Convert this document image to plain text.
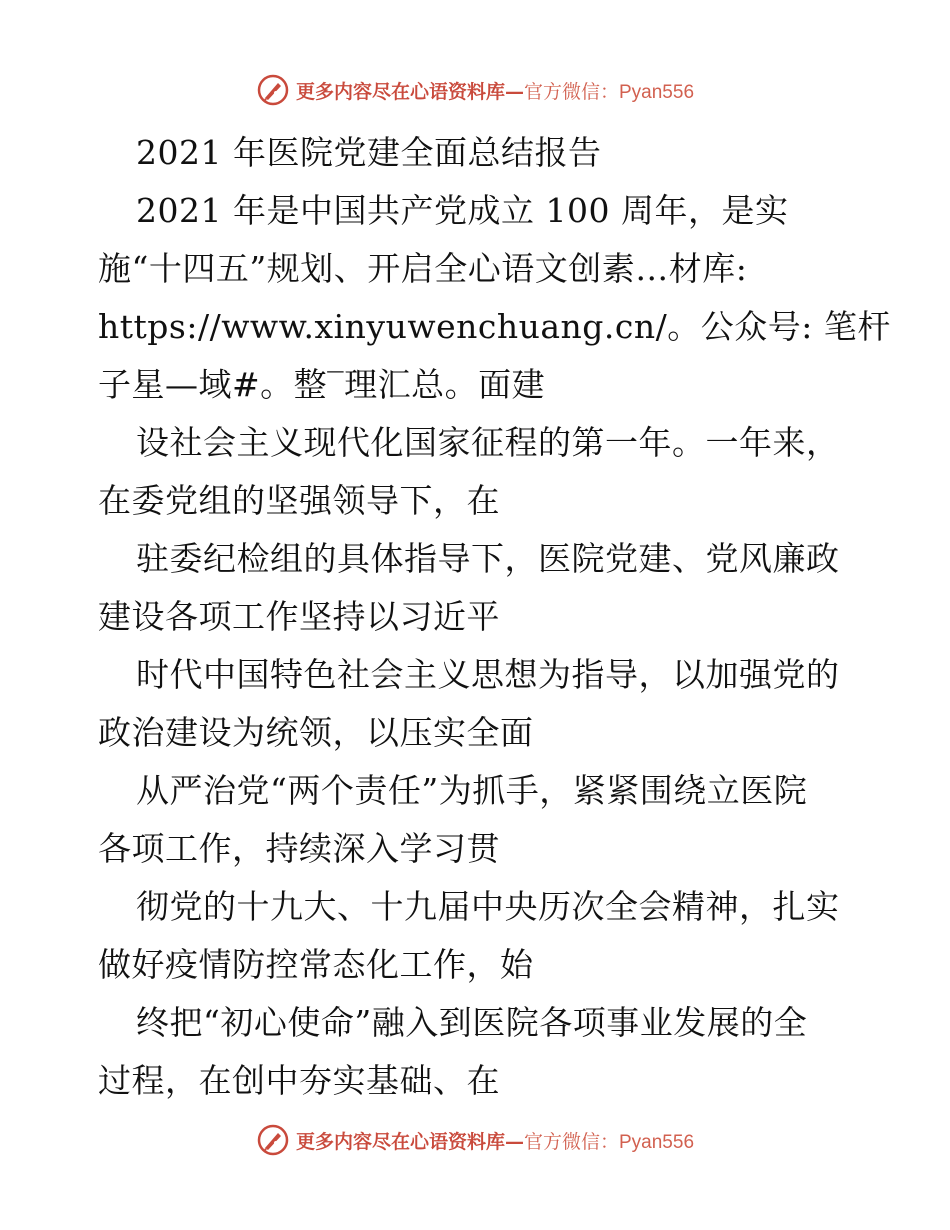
更多内容尽在心语资料库—官方微信：Pyan556
2021 年医院党建全面总结报告
2021 年是中国共产党成立 100 周年，是实
施“十四五”规划、开启全心语文创素…材库:
https://www.xinyuwenchuang.cn/。公众号: 笔杆
子星—域#。整‾理汇总。面建
设社会主义现代化国家征程的第一年。一年来，
在委党组的坚强领导下，在
驻委纪检组的具体指导下，医院党建、党风廉政
建设各项工作坚持以习近平
时代中国特色社会主义思想为指导，以加强党的
政治建设为统领，以压实全面
从严治党“两个责任”为抓手，紧紧围绕立医院
各项工作，持续深入学习贯
彻党的十九大、十九届中央历次全会精神，扎实
做好疫情防控常态化工作，始
终把“初心使命”融入到医院各项事业发展的全
过程，在创中夯实基础、在
更多内容尽在心语资料库—官方微信：Pyan556
